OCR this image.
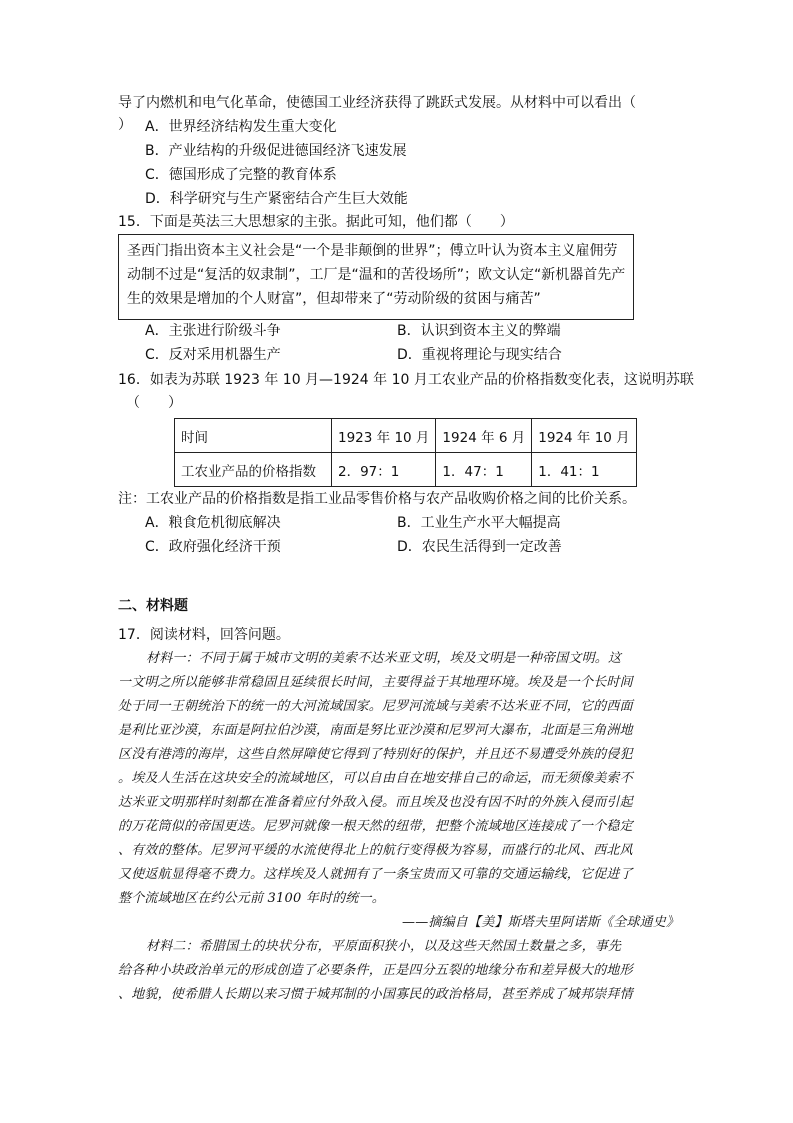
导了内燃机和电气化革命，使德国工业经济获得了跳跃式发展。从材料中可以看出（
） A．世界经济结构发生重大变化
B．产业结构的升级促进德国经济飞速发展
C．德国形成了完整的教育体系
D．科学研究与生产紧密结合产生巨大效能
15．下面是英法三大思想家的主张。据此可知，他们都（　　）
圣西门指出资本主义社会是“一个是非颠倒的世界”；傅立叶认为资本主义雇佣劳
动制不过是“复活的奴隶制”，工厂是“温和的苦役场所”；欧文认定“新机器首先产
生的效果是增加的个人财富”，但却带来了“劳动阶级的贫困与痛苦”
A．主张进行阶级斗争	B．认识到资本主义的弊端
C．反对采用机器生产	D．重视将理论与现实结合
16．如表为苏联 1923 年 10 月—1924 年 10 月工农业产品的价格指数变化表，这说明苏联
（　　）
时间	1923 年 10 月	1924 年 6 月	1924 年 10 月
工农业产品的价格指数	2．97：1	1．47：1	1．41：1
注：工农业产品的价格指数是指工业品零售价格与农产品收购价格之间的比价关系。
A．粮食危机彻底解决	B．工业生产水平大幅提高
C．政府强化经济干预	D．农民生活得到一定改善
二、材料题
17．阅读材料，回答问题。
材料一：不同于属于城市文明的美索不达米亚文明，埃及文明是一种帝国文明。这
一文明之所以能够非常稳固且延续很长时间，主要得益于其地理环境。埃及是一个长时间
处于同一王朝统治下的统一的大河流域国家。尼罗河流域与美索不达米亚不同，它的西面
是利比亚沙漠，东面是阿拉伯沙漠，南面是努比亚沙漠和尼罗河大瀑布，北面是三角洲地
区没有港湾的海岸，这些自然屏障使它得到了特别好的保护，并且还不易遭受外族的侵犯
。埃及人生活在这块安全的流域地区，可以自由自在地安排自己的命运，而无须像美索不
达米亚文明那样时刻都在准备着应付外敌入侵。而且埃及也没有因不时的外族入侵而引起
的万花筒似的帝国更迭。尼罗河就像一根天然的纽带，把整个流域地区连接成了一个稳定
、有效的整体。尼罗河平缓的水流使得北上的航行变得极为容易，而盛行的北风、西北风
又使返航显得毫不费力。这样埃及人就拥有了一条宝贵而又可靠的交通运输线，它促进了
整个流域地区在约公元前 3100 年时的统一。
——摘编自【美】斯塔夫里阿诺斯《全球通史》
材料二：希腊国土的块状分布，平原面积狭小，以及这些天然国土数量之多，事先
给各种小块政治单元的形成创造了必要条件，正是四分五裂的地缘分布和差异极大的地形
、地貌，使希腊人长期以来习惯于城邦制的小国寡民的政治格局，甚至养成了城邦崇拜情
